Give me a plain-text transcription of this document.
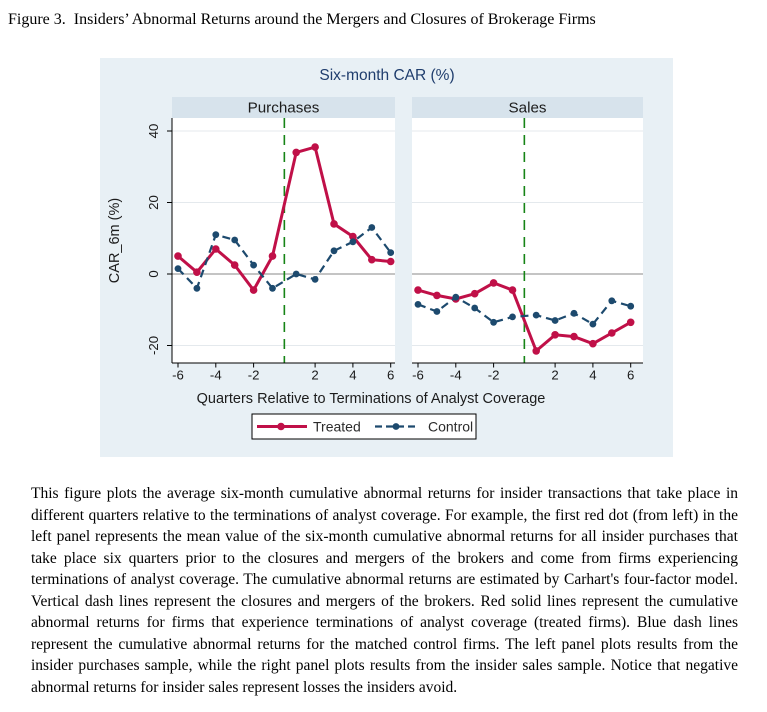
Figure 3.  Insiders’ Abnormal Returns around the Mergers and Closures of Brokerage Firms
Purchases
-6 -4 -2	2 4 6
Sales
-6 -4 -2	2 4 6
40
20
0
-20
Six-month CAR (%)
CAR_6m (%)
Quarters Relative to Terminations of Analyst Coverage
Treated	Control

This figure plots the average six-month cumulative abnormal returns for insider transactions that take place in different quarters relative to the terminations of analyst coverage. For example, the first red dot (from left) in the left panel represents the mean value of the six-month cumulative abnormal returns for all insider purchases that take place six quarters prior to the closures and mergers of the brokers and come from firms experiencing terminations of analyst coverage. The cumulative abnormal returns are estimated by Carhart's four-factor model. Vertical dash lines represent the closures and mergers of the brokers. Red solid lines represent the cumulative abnormal returns for firms that experience terminations of analyst coverage (treated firms). Blue dash lines represent the cumulative abnormal returns for the matched control firms. The left panel plots results from the insider purchases sample, while the right panel plots results from the insider sales sample. Notice that negative abnormal returns for insider sales represent losses the insiders avoid.
